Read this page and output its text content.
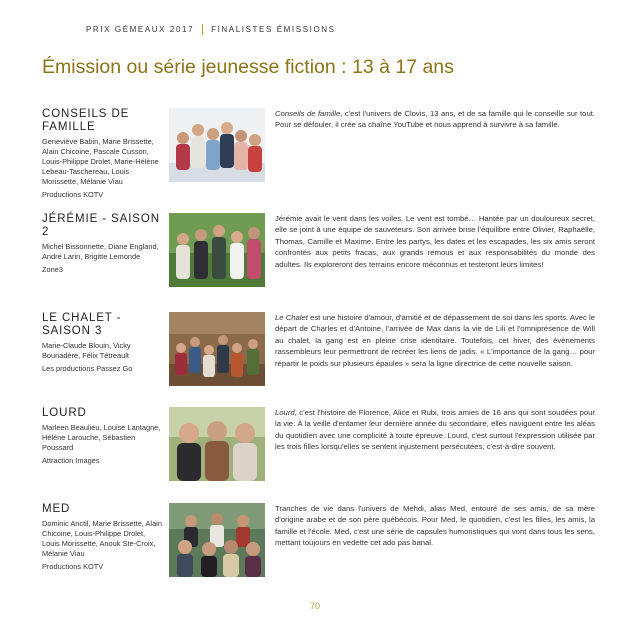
PRIX GÉMEAUX 2017 FINALISTES ÉMISSIONS
Émission ou série jeunesse fiction : 13 à 17 ans
CONSEILS DE FAMILLE
Geneviève Babin, Marie Brissette, Alain Chicoine, Pascale Cusson, Louis-Philippe Drolet, Marie-Hélène Lebeau-Taschereau, Louis Morissette, Mélanie Viau
Productions KOTV
Conseils de famille, c'est l'univers de Clovis, 13 ans, et de sa famille qui le conseille sur tout. Pour se défouler, il crée sa chaîne YouTube et nous apprend à survivre à sa famille.
JÉRÉMIE - SAISON 2
Michel Bissonnette, Diane England, André Larin, Brigitte Lemonde
Zone3
Jérémie avait le vent dans les voiles. Le vent est tombé… Hantée par un douloureux secret, elle se joint à une équipe de sauveteurs. Son arrivée brise l'équilibre entre Olivier, Raphaëlle, Thomas, Camille et Maxime. Entre les partys, les dates et les escapades, les six amis seront confrontés aux petits fracas, aux grands remous et aux responsabilités du monde des adultes. Ils exploreront des terrains encore méconnus et testeront leurs limites!
LE CHALET - SAISON 3
Marie-Claude Blouin, Vicky Bounadère, Félix Tétreault
Les productions Passez Go
Le Chalet est une histoire d'amour, d'amitié et de dépassement de soi dans les sports. Avec le départ de Charles et d'Antoine, l'arrivée de Max dans la vie de Lili et l'omniprésence de Will au chalet, la gang est en pleine crise identitaire. Toutefois, cet hiver, des évènements rassembleurs leur permettront de recréer les liens de jadis. « L'importance de la gang… pour répartir le poids sur plusieurs épaules » sera la ligne directrice de cette nouvelle saison.
LOURD
Marleen Beaulieu, Louise Lantagne, Hélène Larouche, Sébastien Poussard
Attraction Images
Lourd, c'est l'histoire de Florence, Alice et Rubi, trois amies de 16 ans qui sont soudées pour la vie. À la veille d'entamer leur dernière année du secondaire, elles naviguent entre les aléas du quotidien avec une complicité à toute épreuve. Lourd, c'est surtout l'expression utilisée par les trois filles lorsqu'elles se sentent injustement persécutées, c'est-à-dire souvent.
MED
Dominic Anctil, Marie Brissette, Alain Chicoine, Louis-Philippe Drolet, Louis Morissette, Anouk Ste-Croix, Mélanie Viau
Productions KOTV
Tranches de vie dans l'univers de Mehdi, alias Med, entouré de ses amis, de sa mère d'origine arabe et de son père québécois. Pour Med, le quotidien, c'est les filles, les amis, la famille et l'école. Med, c'est une série de capsules humoristiques qui vont dans tous les sens, mettant toujours en vedette cet ado pas banal.
70
